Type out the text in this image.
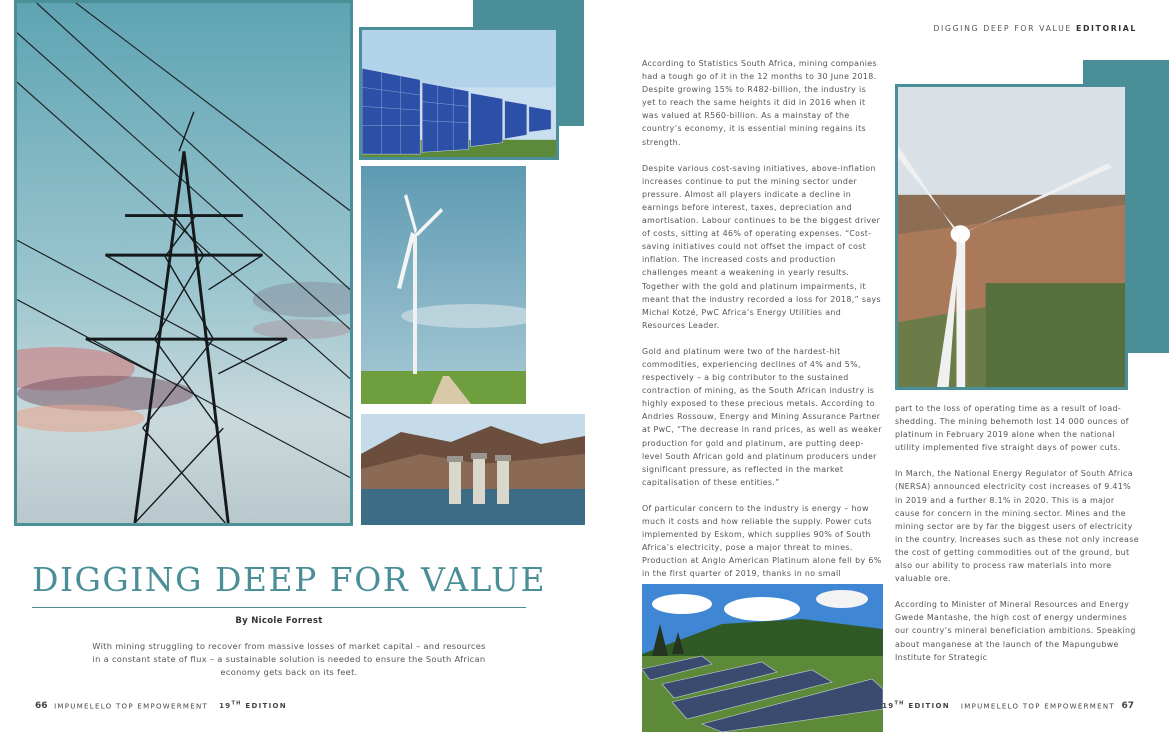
DIGGING DEEP FOR VALUE
By Nicole Forrest
With mining struggling to recover from massive losses of market capital – and resources in a constant state of flux – a sustainable solution is needed to ensure the South African economy gets back on its feet.
66 IMPUMELELO TOP EMPOWERMENT 19TH EDITION
DIGGING DEEP FOR VALUE EDITORIAL

According to Statistics South Africa, mining companies had a tough go of it in the 12 months to 30 June 2018. Despite growing 15% to R482-billion, the industry is yet to reach the same heights it did in 2016 when it was valued at R560-billion. As a mainstay of the country’s economy, it is essential mining regains its strength.

Despite various cost-saving initiatives, above-inflation increases continue to put the mining sector under pressure. Almost all players indicate a decline in earnings before interest, taxes, depreciation and amortisation. Labour continues to be the biggest driver of costs, sitting at 46% of operating expenses. “Cost-saving initiatives could not offset the impact of cost inflation. The increased costs and production challenges meant a weakening in yearly results. Together with the gold and platinum impairments, it meant that the industry recorded a loss for 2018,” says Michal Kotzé, PwC Africa’s Energy Utilities and Resources Leader.

Gold and platinum were two of the hardest-hit commodities, experiencing declines of 4% and 5%, respectively – a big contributor to the sustained contraction of mining, as the South African industry is highly exposed to these precious metals. According to Andries Rossouw, Energy and Mining Assurance Partner at PwC, “The decrease in rand prices, as well as weaker production for gold and platinum, are putting deep-level South African gold and platinum producers under significant pressure, as reflected in the market capitalisation of these entities.”

Of particular concern to the industry is energy – how much it costs and how reliable the supply. Power cuts implemented by Eskom, which supplies 90% of South Africa’s electricity, pose a major threat to mines. Production at Anglo American Platinum alone fell by 6% in the first quarter of 2019, thanks in no small

part to the loss of operating time as a result of load-shedding. The mining behemoth lost 14 000 ounces of platinum in February 2019 alone when the national utility implemented five straight days of power cuts.

In March, the National Energy Regulator of South Africa (NERSA) announced electricity cost increases of 9.41% in 2019 and a further 8.1% in 2020. This is a major cause for concern in the mining sector. Mines and the mining sector are by far the biggest users of electricity in the country. Increases such as these not only increase the cost of getting commodities out of the ground, but also our ability to process raw materials into more valuable ore.

According to Minister of Mineral Resources and Energy Gwede Mantashe, the high cost of energy undermines our country’s mineral beneficiation ambitions. Speaking about manganese at the launch of the Mapungubwe Institute for Strategic

19TH EDITION IMPUMELELO TOP EMPOWERMENT 67
